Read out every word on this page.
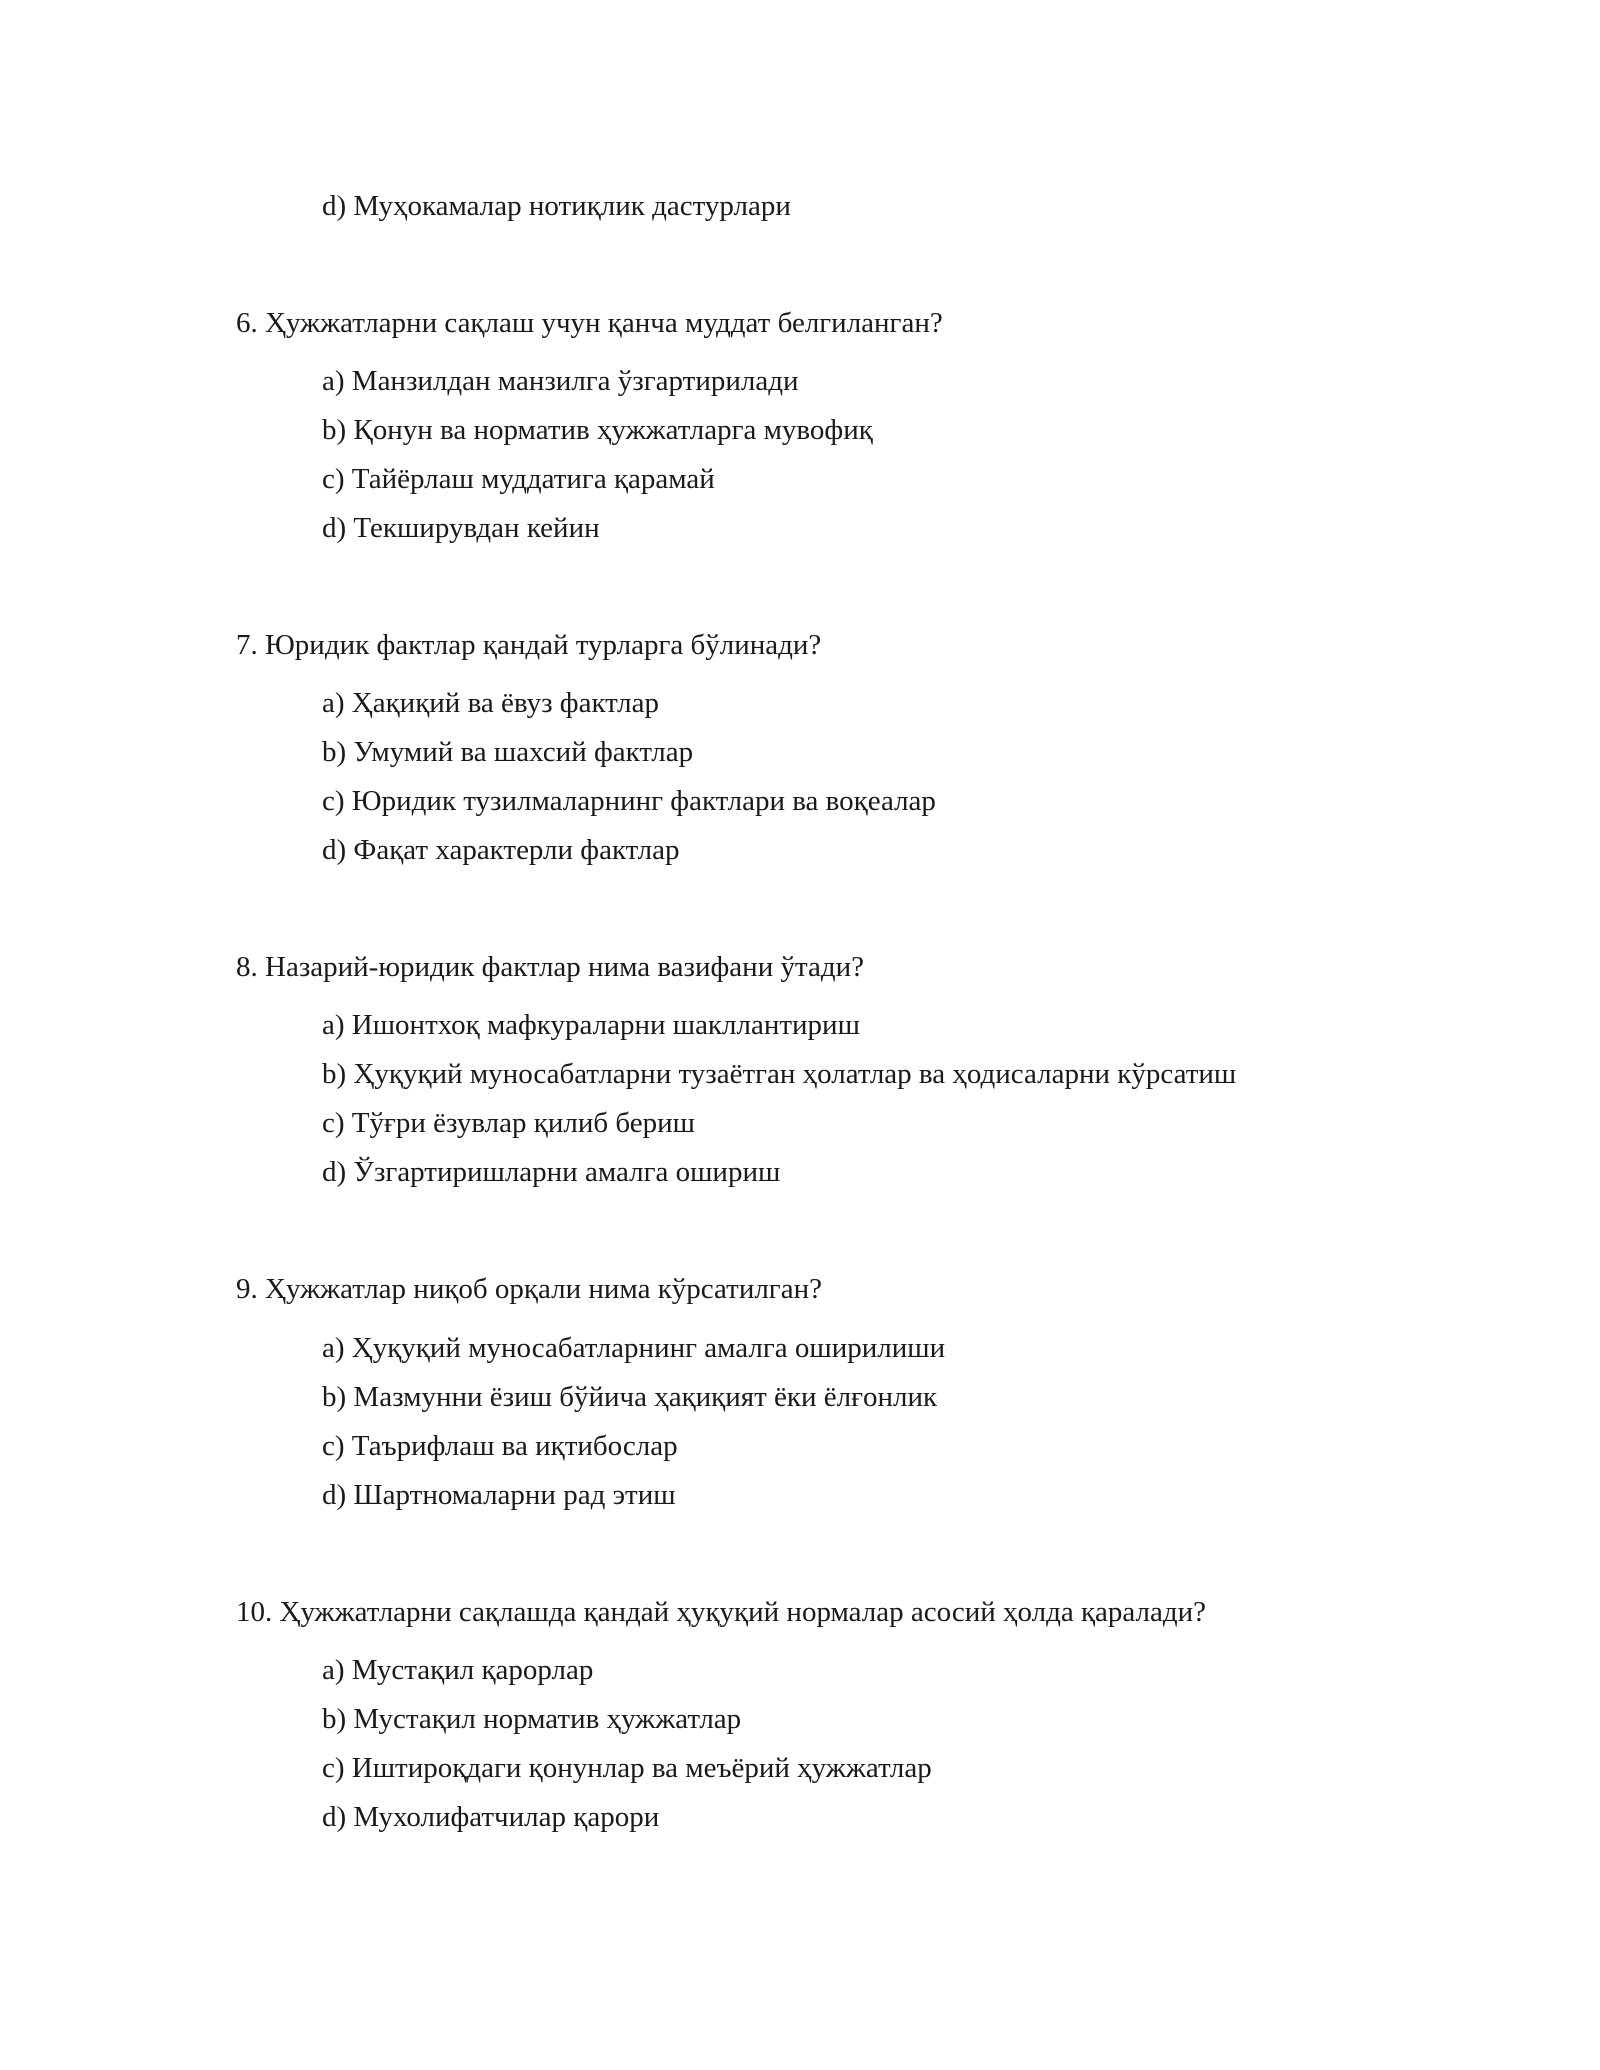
d) Муҳокамалар нотиқлик дастурлари
6. Ҳужжатларни сақлаш учун қанча муддат белгиланган?
a) Манзилдан манзилга ўзгартирилади
b) Қонун ва норматив ҳужжатларга мувофиқ
c) Тайёрлаш муддатига қарамай
d) Текширувдан кейин
7. Юридик фактлар қандай турларга бўлинади?
a) Ҳақиқий ва ёвуз фактлар
b) Умумий ва шахсий фактлар
c) Юридик тузилмаларнинг фактлари ва воқеалар
d) Фақат характерли фактлар
8. Назарий-юридик фактлар нима вазифани ўтади?
a) Ишонтхоқ мафкураларни шакллантириш
b) Ҳуқуқий муносабатларни тузаётган ҳолатлар ва ҳодисаларни кўрсатиш
c) Тўғри ёзувлар қилиб бериш
d) Ўзгартиришларни амалга ошириш
9. Ҳужжатлар ниқоб орқали нима кўрсатилган?
a) Ҳуқуқий муносабатларнинг амалга оширилиши
b) Мазмунни ёзиш бўйича ҳақиқият ёки ёлғонлик
c) Таърифлаш ва иқтибослар
d) Шартномаларни рад этиш
10. Ҳужжатларни сақлашда қандай ҳуқуқий нормалар асосий ҳолда қаралади?
a) Мустақил қарорлар
b) Мустақил норматив ҳужжатлар
c) Иштироқдаги қонунлар ва меъёрий ҳужжатлар
d) Мухолифатчилар қарори
